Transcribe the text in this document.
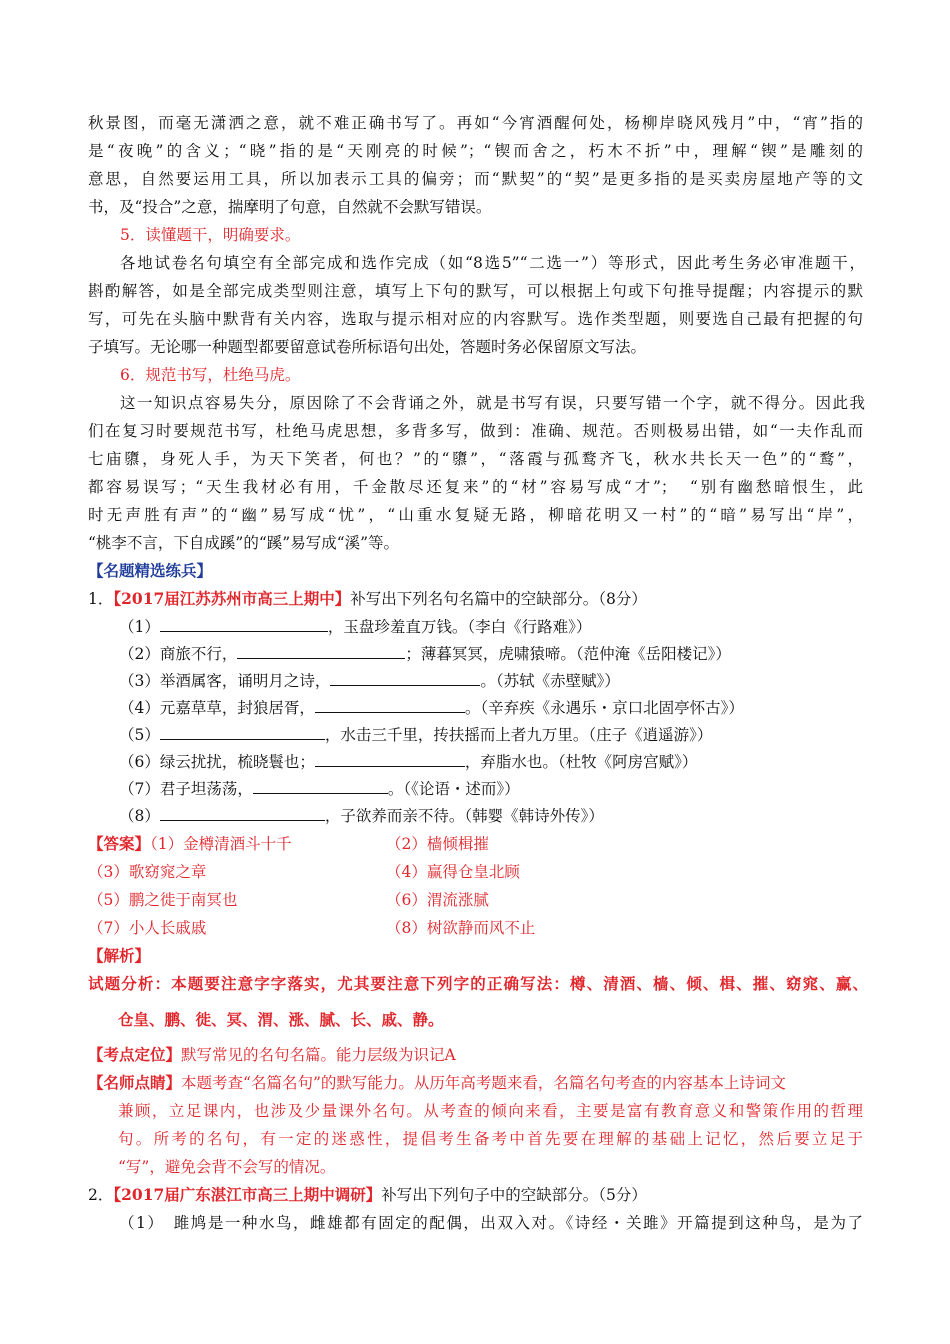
秋景图，而毫无潇洒之意，就不难正确书写了。再如“今宵酒醒何处，杨柳岸晓风残月”中，“宵”指的
是“夜晚”的含义；“晓”指的是“天刚亮的时候”；“锲而舍之，朽木不折”中，理解“锲”是雕刻的
意思，自然要运用工具，所以加表示工具的偏旁；而“默契”的“契”是更多指的是买卖房屋地产等的文
书，及“投合”之意，揣摩明了句意，自然就不会默写错误。
5．读懂题干，明确要求。
各地试卷名句填空有全部完成和选作完成（如“8选5”“二选一”）等形式，因此考生务必审准题干，
斟酌解答，如是全部完成类型则注意，填写上下句的默写，可以根据上句或下句推导提醒；内容提示的默
写，可先在头脑中默背有关内容，选取与提示相对应的内容默写。选作类型题，则要选自己最有把握的句
子填写。无论哪一种题型都要留意试卷所标语句出处，答题时务必保留原文写法。
6．规范书写，杜绝马虎。
这一知识点容易失分，原因除了不会背诵之外，就是书写有误，只要写错一个字，就不得分。因此我
们在复习时要规范书写，杜绝马虎思想，多背多写，做到：准确、规范。否则极易出错，如“一夫作乱而
七庙隳，身死人手，为天下笑者，何也？”的“隳”，“落霞与孤鹜齐飞，秋水共长天一色”的“鹜”，
都容易误写；“天生我材必有用，千金散尽还复来”的“材”容易写成“才”；　“别有幽愁暗恨生，此
时无声胜有声”的“幽”易写成“忧”，“山重水复疑无路，柳暗花明又一村”的“暗”易写出“岸”，
“桃李不言，下自成蹊”的“蹊”易写成“溪”等。
【名题精选练兵】
1．【2017届江苏苏州市高三上期中】补写出下列名句名篇中的空缺部分。（8分）
（1）	，玉盘珍羞直万钱。（李白《行路难》）
（2）商旅不行，	；薄暮冥冥，虎啸猿啼。（范仲淹《岳阳楼记》）
（3）举酒属客，诵明月之诗，	。（苏轼《赤壁赋》）
（4）元嘉草草，封狼居胥，	。（辛弃疾《永遇乐・京口北固亭怀古》）
（5）	，水击三千里，抟扶摇而上者九万里。（庄子《逍遥游》）
（6）绿云扰扰，梳晓鬟也；	，弃脂水也。（杜牧《阿房宫赋》）
（7）君子坦荡荡，	。（《论语・述而》）
（8）	，子欲养而亲不待。（韩婴《韩诗外传》）
【答案】（1）金樽清酒斗十千	（2）樯倾楫摧
（3）歌窈窕之章	（4）赢得仓皇北顾
（5）鹏之徙于南冥也	（6）渭流涨腻
（7）小人长戚戚	（8）树欲静而风不止
【解析】
试题分析：本题要注意字字落实，尤其要注意下列字的正确写法：樽、清酒、樯、倾、楫、摧、窈窕、赢、
仓皇、鹏、徙、冥、渭、涨、腻、长、戚、静。
【考点定位】默写常见的名句名篇。能力层级为识记A
【名师点睛】本题考查“名篇名句”的默写能力。从历年高考题来看，名篇名句考查的内容基本上诗词文
兼顾，立足课内，也涉及少量课外名句。从考查的倾向来看，主要是富有教育意义和警策作用的哲理
句。所考的名句，有一定的迷惑性，提倡考生备考中首先要在理解的基础上记忆，然后要立足于
“写”，避免会背不会写的情况。
2．【2017届广东湛江市高三上期中调研】补写出下列句子中的空缺部分。（5分）
（1）　雎鸠是一种水鸟，雌雄都有固定的配偶，出双入对。《诗经・关雎》开篇提到这种鸟，是为了
